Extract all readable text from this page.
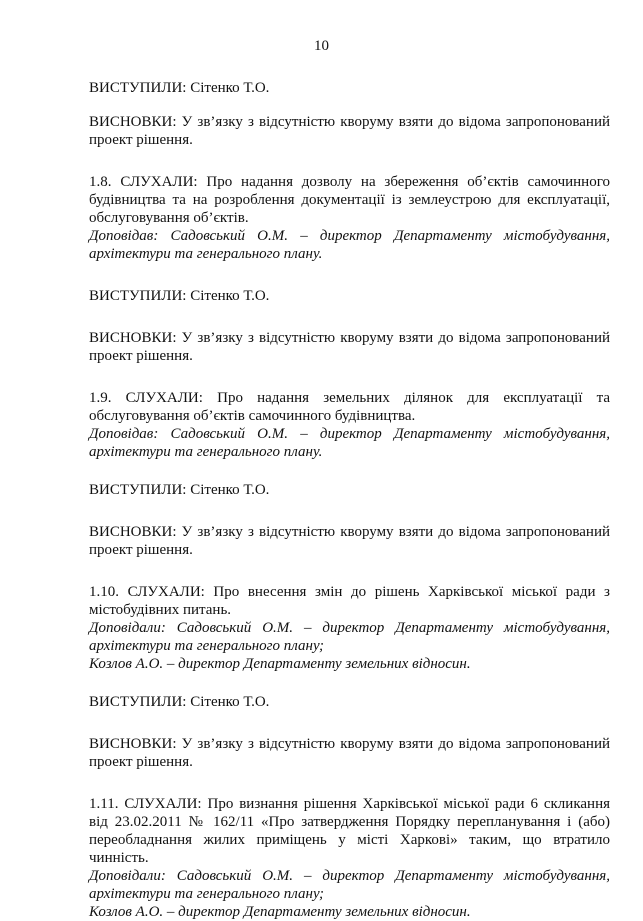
10

ВИСТУПИЛИ: Сітенко Т.О.

ВИСНОВКИ: У зв’язку з відсутністю кворуму взяти до відома запропонований проект рішення.

1.8. СЛУХАЛИ: Про надання дозволу на збереження об’єктів самочинного будівництва та на розроблення документації із землеустрою для експлуатації, обслуговування об’єктів.

Доповідав: Садовський О.М. – директор Департаменту містобудування, архітектури та генерального плану.

ВИСТУПИЛИ: Сітенко Т.О.

ВИСНОВКИ: У зв’язку з відсутністю кворуму взяти до відома запропонований проект рішення.

1.9. СЛУХАЛИ: Про надання земельних ділянок для експлуатації та обслуговування об’єктів самочинного будівництва.

Доповідав: Садовський О.М. – директор Департаменту містобудування, архітектури та генерального плану.

ВИСТУПИЛИ: Сітенко Т.О.

ВИСНОВКИ: У зв’язку з відсутністю кворуму взяти до відома запропонований проект рішення.

1.10. СЛУХАЛИ: Про внесення змін до рішень Харківської міської ради з містобудівних питань.

Доповідали: Садовський О.М. – директор Департаменту містобудування, архітектури та генерального плану;

Козлов А.О. – директор Департаменту земельних відносин.

ВИСТУПИЛИ: Сітенко Т.О.

ВИСНОВКИ: У зв’язку з відсутністю кворуму взяти до відома запропонований проект рішення.

1.11. СЛУХАЛИ: Про визнання рішення Харківської міської ради 6 скликання від 23.02.2011 № 162/11 «Про затвердження Порядку перепланування і (або) переобладнання жилих приміщень у місті Харкові» таким, що втратило чинність.

Доповідали: Садовський О.М. – директор Департаменту містобудування, архітектури та генерального плану;

Козлов А.О. – директор Департаменту земельних відносин.
